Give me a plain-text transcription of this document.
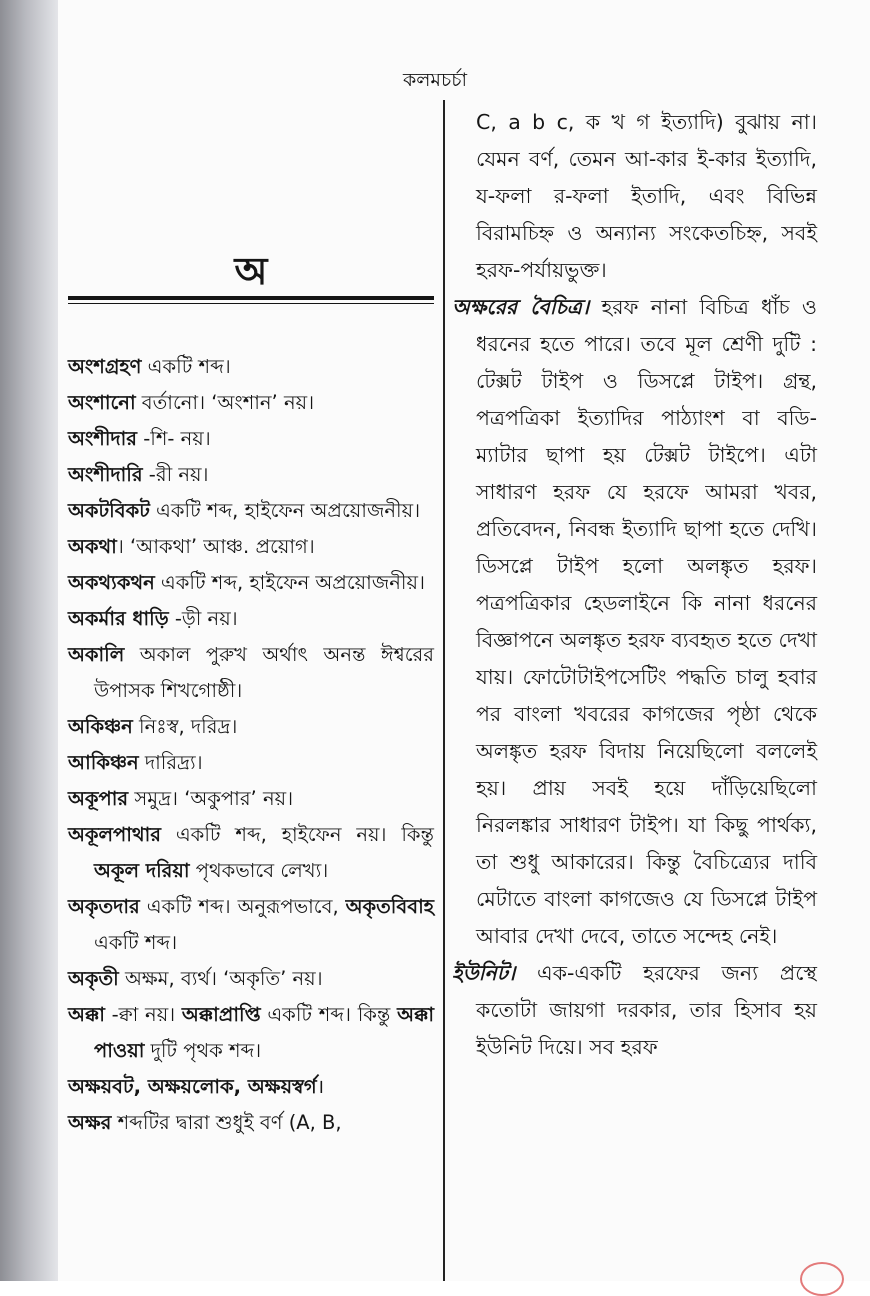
কলমচর্চা
অ
অংশগ্রহণ একটি শব্দ।
অংশানো বর্তানো। ‘অংশান’ নয়।
অংশীদার -শি- নয়।
অংশীদারি -রী নয়।
অকটবিকট একটি শব্দ, হাইফেন অপ্রয়োজনীয়।
অকথা। ‘আকথা’ আঞ্চ. প্রয়োগ।
অকথ্যকথন একটি শব্দ, হাইফেন অপ্রয়োজনীয়।
অকর্মার ধাড়ি -ড়ী নয়।
অকালি অকাল পুরুখ অর্থাৎ অনন্ত ঈশ্বরের উপাসক শিখগোষ্ঠী।
অকিঞ্চন নিঃস্ব, দরিদ্র।
আকিঞ্চন দারিদ্র্য।
অকূপার সমুদ্র। ‘অকুপার’ নয়।
অকূলপাথার একটি শব্দ, হাইফেন নয়। কিন্তু অকূল দরিয়া পৃথকভাবে লেখ্য।
অকৃতদার একটি শব্দ। অনুরূপভাবে, অকৃতবিবাহ একটি শব্দ।
অকৃতী অক্ষম, ব্যর্থ। ‘অকৃতি’ নয়।
অক্কা -ক্বা নয়। অক্কাপ্রাপ্তি একটি শব্দ। কিন্তু অক্কা পাওয়া দুটি পৃথক শব্দ।
অক্ষয়বট, অক্ষয়লোক, অক্ষয়স্বর্গ।
অক্ষর শব্দটির দ্বারা শুধুই বর্ণ (A, B,
C, a b c, ক খ গ ইত্যাদি) বুঝায় না। যেমন বর্ণ, তেমন আ-কার ই-কার ইত্যাদি, য-ফলা র-ফলা ইতাদি, এবং বিভিন্ন বিরামচিহ্ন ও অন্যান্য সংকেতচিহ্ন, সবই হরফ-পর্যায়ভুক্ত।
অক্ষরের বৈচিত্র। হরফ নানা বিচিত্র ধাঁচ ও ধরনের হতে পারে। তবে মূল শ্রেণী দুটি : টেক্সট টাইপ ও ডিসপ্লে টাইপ। গ্রন্থ, পত্রপত্রিকা ইত্যাদির পাঠ্যাংশ বা বডি-ম্যাটার ছাপা হয় টেক্সট টাইপে। এটা সাধারণ হরফ যে হরফে আমরা খবর, প্রতিবেদন, নিবন্ধ ইত্যাদি ছাপা হতে দেখি। ডিসপ্লে টাইপ হলো অলঙ্কৃত হরফ। পত্রপত্রিকার হেডলাইনে কি নানা ধরনের বিজ্ঞাপনে অলঙ্কৃত হরফ ব্যবহৃত হতে দেখা যায়। ফোটোটাইপসেটিং পদ্ধতি চালু হবার পর বাংলা খবরের কাগজের পৃষ্ঠা থেকে অলঙ্কৃত হরফ বিদায় নিয়েছিলো বললেই হয়। প্রায় সবই হয়ে দাঁড়িয়েছিলো নিরলঙ্কার সাধারণ টাইপ। যা কিছু পার্থক্য, তা শুধু আকারের। কিন্তু বৈচিত্র্যের দাবি মেটাতে বাংলা কাগজেও যে ডিসপ্লে টাইপ আবার দেখা দেবে, তাতে সন্দেহ নেই।
ইউনিট। এক-একটি হরফের জন্য প্রস্থে কতোটা জায়গা দরকার, তার হিসাব হয় ইউনিট দিয়ে। সব হরফ
